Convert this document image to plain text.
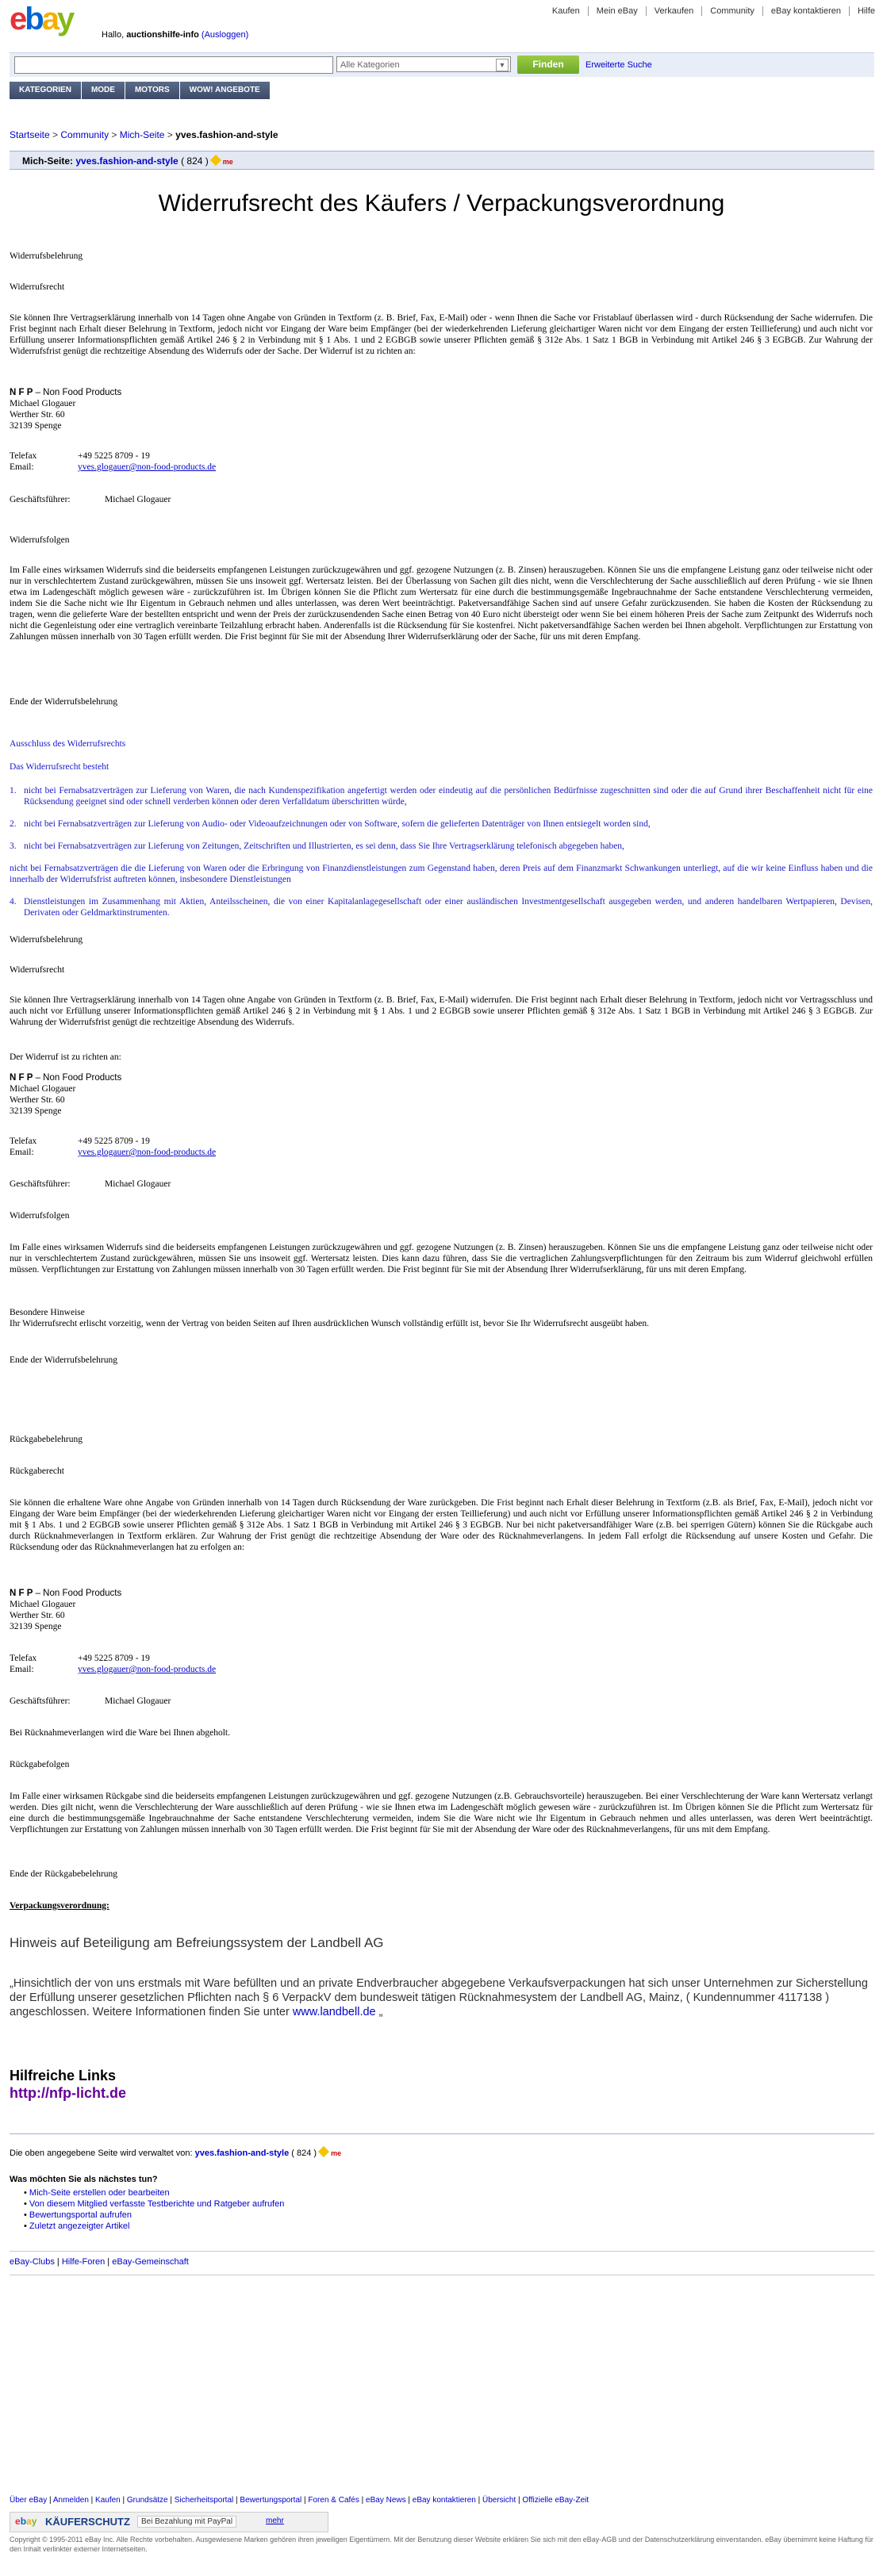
Kaufen	Mein eBay	Verkaufen	Community	eBay kontaktieren	Hilfe
ebay	Hallo, auctionshilfe-info (Ausloggen)
Alle Kategorien	▼	Finden	Erweiterte Suche
KATEGORIEN	MODE	MOTORS	WOW! ANGEBOTE
Startseite > Community > Mich-Seite > yves.fashion-and-style
Mich-Seite: yves.fashion-and-style ( 824 ) me
Widerrufsrecht des Käufers / Verpackungsverordnung
Widerrufsbelehrung
Widerrufsrecht
Sie können Ihre Vertragserklärung innerhalb von 14 Tagen ohne Angabe von Gründen in Textform (z. B. Brief, Fax, E-Mail) oder - wenn Ihnen die Sache vor Fristablauf überlassen wird - durch Rücksendung der Sache widerrufen. Die Frist beginnt nach Erhalt dieser Belehrung in Textform, jedoch nicht vor Eingang der Ware beim Empfänger (bei der wiederkehrenden Lieferung gleichartiger Waren nicht vor dem Eingang der ersten Teillieferung) und auch nicht vor Erfüllung unserer Informationspflichten gemäß Artikel 246 § 2 in Verbindung mit § 1 Abs. 1 und 2 EGBGB sowie unserer Pflichten gemäß § 312e Abs. 1 Satz 1 BGB in Verbindung mit Artikel 246 § 3 EGBGB. Zur Wahrung der Widerrufsfrist genügt die rechtzeitige Absendung des Widerrufs oder der Sache. Der Widerruf ist zu richten an:
N F P – Non Food Products
Michael Glogauer
Werther Str. 60
32139 Spenge
Telefax	+49 5225 8709 - 19
Email:	yves.glogauer@non-food-products.de
Geschäftsführer:	Michael Glogauer
Widerrufsfolgen
Im Falle eines wirksamen Widerrufs sind die beiderseits empfangenen Leistungen zurückzugewähren und ggf. gezogene Nutzungen (z. B. Zinsen) herauszugeben. Können Sie uns die empfangene Leistung ganz oder teilweise nicht oder nur in verschlechtertem Zustand zurückgewähren, müssen Sie uns insoweit ggf. Wertersatz leisten. Bei der Überlassung von Sachen gilt dies nicht, wenn die Verschlechterung der Sache ausschließlich auf deren Prüfung - wie sie Ihnen etwa im Ladengeschäft möglich gewesen wäre - zurückzuführen ist. Im Übrigen können Sie die Pflicht zum Wertersatz für eine durch die bestimmungsgemäße Ingebrauchnahme der Sache entstandene Verschlechterung vermeiden, indem Sie die Sache nicht wie Ihr Eigentum in Gebrauch nehmen und alles unterlassen, was deren Wert beeinträchtigt. Paketversandfähige Sachen sind auf unsere Gefahr zurückzusenden. Sie haben die Kosten der Rücksendung zu tragen, wenn die gelieferte Ware der bestellten entspricht und wenn der Preis der zurückzusendenden Sache einen Betrag von 40 Euro nicht übersteigt oder wenn Sie bei einem höheren Preis der Sache zum Zeitpunkt des Widerrufs noch nicht die Gegenleistung oder eine vertraglich vereinbarte Teilzahlung erbracht haben. Anderenfalls ist die Rücksendung für Sie kostenfrei. Nicht paketversandfähige Sachen werden bei Ihnen abgeholt. Verpflichtungen zur Erstattung von Zahlungen müssen innerhalb von 30 Tagen erfüllt werden. Die Frist beginnt für Sie mit der Absendung Ihrer Widerrufserklärung oder der Sache, für uns mit deren Empfang.
Ende der Widerrufsbelehrung
Ausschluss des Widerrufsrechts
Das Widerrufsrecht besteht
1. nicht bei Fernabsatzverträgen zur Lieferung von Waren, die nach Kundenspezifikation angefertigt werden oder eindeutig auf die persönlichen Bedürfnisse zugeschnitten sind oder die auf Grund ihrer Beschaffenheit nicht für eine Rücksendung geeignet sind oder schnell verderben können oder deren Verfalldatum überschritten würde,
2. nicht bei Fernabsatzverträgen zur Lieferung von Audio- oder Videoaufzeichnungen oder von Software, sofern die gelieferten Datenträger von Ihnen entsiegelt worden sind,
3. nicht bei Fernabsatzverträgen zur Lieferung von Zeitungen, Zeitschriften und Illustrierten, es sei denn, dass Sie Ihre Vertragserklärung telefonisch abgegeben haben,
nicht bei Fernabsatzverträgen die die Lieferung von Waren oder die Erbringung von Finanzdienstleistungen zum Gegenstand haben, deren Preis auf dem Finanzmarkt Schwankungen unterliegt, auf die wir keine Einfluss haben und die innerhalb der Widerrufsfrist auftreten können, insbesondere Dienstleistungen
4. Dienstleistungen im Zusammenhang mit Aktien, Anteilsscheinen, die von einer Kapitalanlagegesellschaft oder einer ausländischen Investmentgesellschaft ausgegeben werden, und anderen handelbaren Wertpapieren, Devisen, Derivaten oder Geldmarktinstrumenten.
Widerrufsbelehrung
Widerrufsrecht
Sie können Ihre Vertragserklärung innerhalb von 14 Tagen ohne Angabe von Gründen in Textform (z. B. Brief, Fax, E-Mail) widerrufen. Die Frist beginnt nach Erhalt dieser Belehrung in Textform, jedoch nicht vor Vertragsschluss und auch nicht vor Erfüllung unserer Informationspflichten gemäß Artikel 246 § 2 in Verbindung mit § 1 Abs. 1 und 2 EGBGB sowie unserer Pflichten gemäß § 312e Abs. 1 Satz 1 BGB in Verbindung mit Artikel 246 § 3 EGBGB. Zur Wahrung der Widerrufsfrist genügt die rechtzeitige Absendung des Widerrufs.
Der Widerruf ist zu richten an:
N F P – Non Food Products
Michael Glogauer
Werther Str. 60
32139 Spenge
Telefax	+49 5225 8709 - 19
Email:	yves.glogauer@non-food-products.de
Geschäftsführer:	Michael Glogauer
Widerrufsfolgen
Im Falle eines wirksamen Widerrufs sind die beiderseits empfangenen Leistungen zurückzugewähren und ggf. gezogene Nutzungen (z. B. Zinsen) herauszugeben. Können Sie uns die empfangene Leistung ganz oder teilweise nicht oder nur in verschlechtertem Zustand zurückgewähren, müssen Sie uns insoweit ggf. Wertersatz leisten. Dies kann dazu führen, dass Sie die vertraglichen Zahlungsverpflichtungen für den Zeitraum bis zum Widerruf gleichwohl erfüllen müssen. Verpflichtungen zur Erstattung von Zahlungen müssen innerhalb von 30 Tagen erfüllt werden. Die Frist beginnt für Sie mit der Absendung Ihrer Widerrufserklärung, für uns mit deren Empfang.
Besondere Hinweise
Ihr Widerrufsrecht erlischt vorzeitig, wenn der Vertrag von beiden Seiten auf Ihren ausdrücklichen Wunsch vollständig erfüllt ist, bevor Sie Ihr Widerrufsrecht ausgeübt haben.
Ende der Widerrufsbelehrung
Rückgabebelehrung
Rückgaberecht
Sie können die erhaltene Ware ohne Angabe von Gründen innerhalb von 14 Tagen durch Rücksendung der Ware zurückgeben. Die Frist beginnt nach Erhalt dieser Belehrung in Textform (z.B. als Brief, Fax, E-Mail), jedoch nicht vor Eingang der Ware beim Empfänger (bei der wiederkehrenden Lieferung gleichartiger Waren nicht vor Eingang der ersten Teillieferung) und auch nicht vor Erfüllung unserer Informationspflichten gemäß Artikel 246 § 2 in Verbindung mit § 1 Abs. 1 und 2 EGBGB sowie unserer Pflichten gemäß § 312e Abs. 1 Satz 1 BGB in Verbindung mit Artikel 246 § 3 EGBGB. Nur bei nicht paketversandfähiger Ware (z.B. bei sperrigen Gütern) können Sie die Rückgabe auch durch Rücknahmeverlangen in Textform erklären. Zur Wahrung der Frist genügt die rechtzeitige Absendung der Ware oder des Rücknahmeverlangens. In jedem Fall erfolgt die Rücksendung auf unsere Kosten und Gefahr. Die Rücksendung oder das Rücknahmeverlangen hat zu erfolgen an:
N F P – Non Food Products
Michael Glogauer
Werther Str. 60
32139 Spenge
Telefax	+49 5225 8709 - 19
Email:	yves.glogauer@non-food-products.de
Geschäftsführer:	Michael Glogauer
Bei Rücknahmeverlangen wird die Ware bei Ihnen abgeholt.
Rückgabefolgen
Im Falle einer wirksamen Rückgabe sind die beiderseits empfangenen Leistungen zurückzugewähren und ggf. gezogene Nutzungen (z.B. Gebrauchsvorteile) herauszugeben. Bei einer Verschlechterung der Ware kann Wertersatz verlangt werden. Dies gilt nicht, wenn die Verschlechterung der Ware ausschließlich auf deren Prüfung - wie sie Ihnen etwa im Ladengeschäft möglich gewesen wäre - zurückzuführen ist. Im Übrigen können Sie die Pflicht zum Wertersatz für eine durch die bestimmungsgemäße Ingebrauchnahme der Sache entstandene Verschlechterung vermeiden, indem Sie die Ware nicht wie Ihr Eigentum in Gebrauch nehmen und alles unterlassen, was deren Wert beeinträchtigt. Verpflichtungen zur Erstattung von Zahlungen müssen innerhalb von 30 Tagen erfüllt werden. Die Frist beginnt für Sie mit der Absendung der Ware oder des Rücknahmeverlangens, für uns mit dem Empfang.
Ende der Rückgabebelehrung
Verpackungsverordnung:
Hinweis auf Beteiligung am Befreiungssystem der Landbell AG
„Hinsichtlich der von uns erstmals mit Ware befüllten und an private Endverbraucher abgegebene Verkaufsverpackungen hat sich unser Unternehmen zur Sicherstellung der Erfüllung unserer gesetzlichen Pflichten nach § 6 VerpackV dem bundesweit tätigen Rücknahmesystem der Landbell AG, Mainz, ( Kundennummer 4117138 ) angeschlossen. Weitere Informationen finden Sie unter www.landbell.de „
Hilfreiche Links
http://nfp-licht.de
Die oben angegebene Seite wird verwaltet von: yves.fashion-and-style ( 824 ) me
Was möchten Sie als nächstes tun?
• Mich-Seite erstellen oder bearbeiten
• Von diesem Mitglied verfasste Testberichte und Ratgeber aufrufen
• Bewertungsportal aufrufen
• Zuletzt angezeigter Artikel
eBay-Clubs | Hilfe-Foren | eBay-Gemeinschaft
Über eBay | Anmelden | Kaufen | Grundsätze | Sicherheitsportal | Bewertungsportal | Foren & Cafés | eBay News | eBay kontaktieren | Übersicht | Offizielle eBay-Zeit
ebay KÄUFERSCHUTZ	Bei Bezahlung mit PayPal	mehr
Copyright © 1995-2011 eBay Inc. Alle Rechte vorbehalten. Ausgewiesene Marken gehören ihren jeweiligen Eigentümern. Mit der Benutzung dieser Website erklären Sie sich mit den eBay-AGB und der Datenschutzerklärung einverstanden. eBay übernimmt keine Haftung für den Inhalt verlinkter externer Internetseiten.
